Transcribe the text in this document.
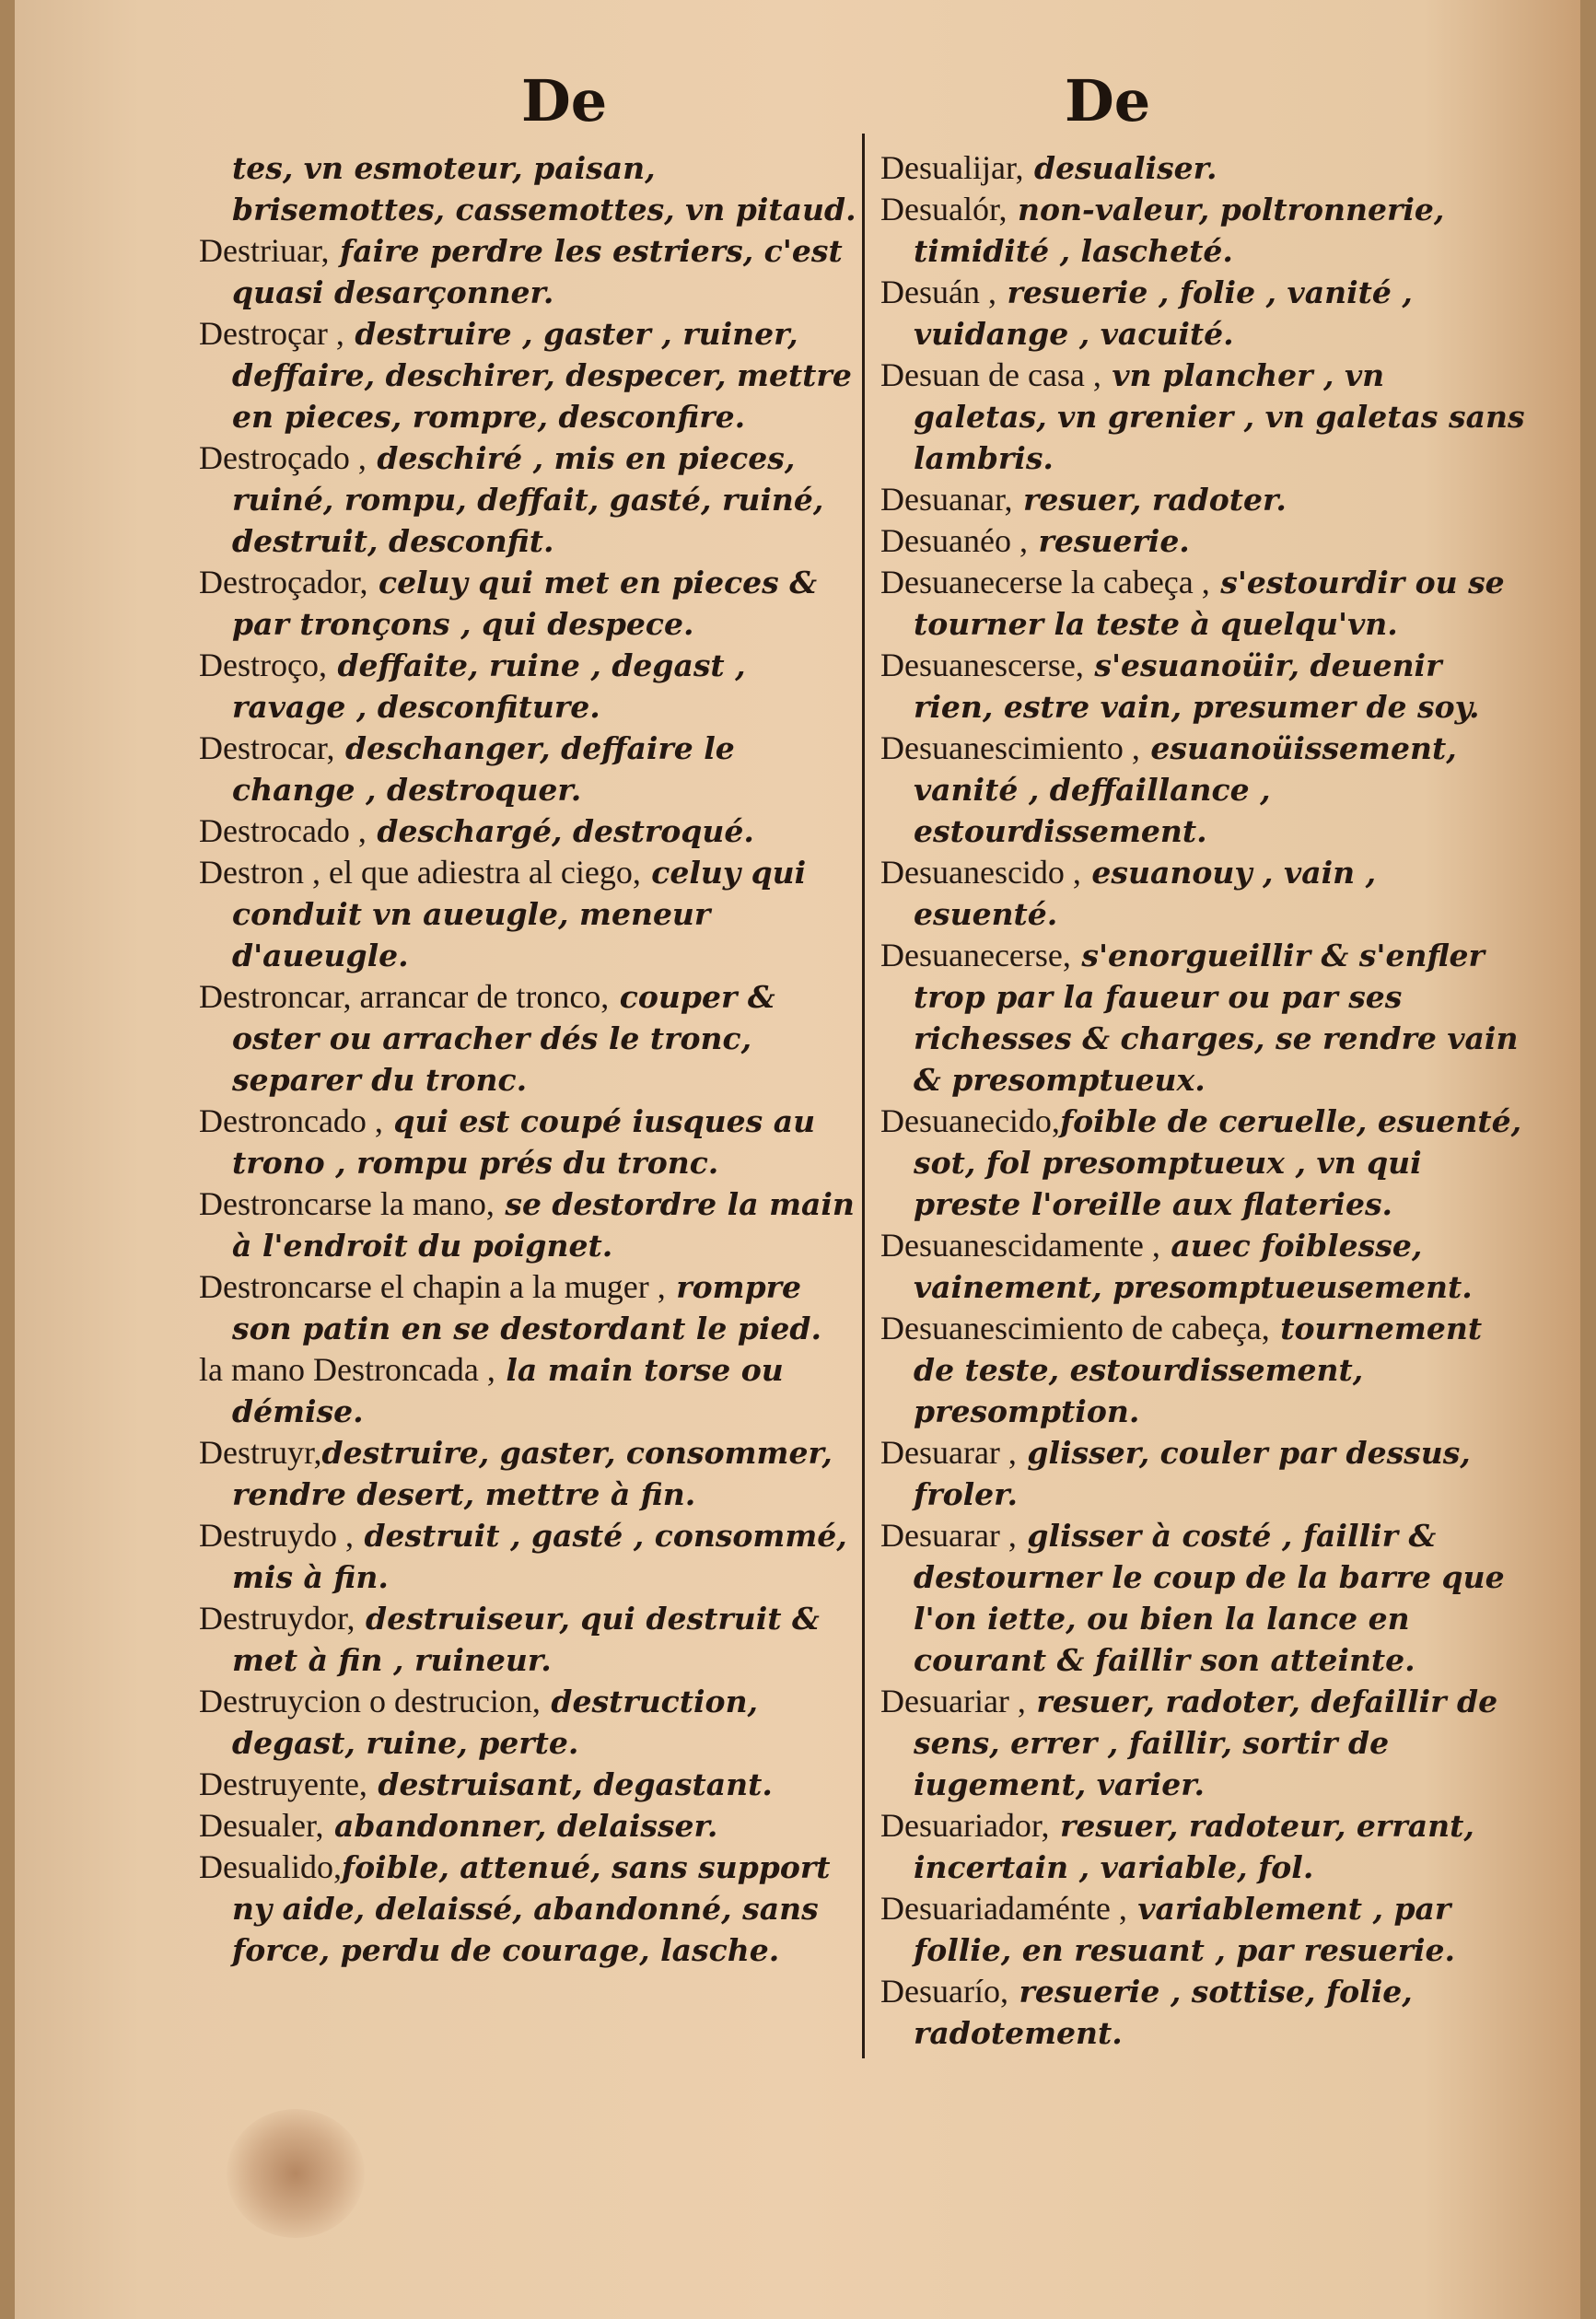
De
tes, vn esmoteur, paisan, brisemottes, cassemottes, vn pitaud.
Destriuar, faire perdre les estriers, c'est quasi desarçonner.
Destroçar , destruire , gaster , ruiner, deffaire, deschirer, despecer, mettre en pieces, rompre, desconfire.
Destroçado , deschiré , mis en pieces, ruiné, rompu, deffait, gasté, ruiné, destruit, desconfit.
Destroçador, celuy qui met en pieces & par tronçons , qui despece.
Destroço, deffaite, ruine , degast , ravage , desconfiture.
Destrocar, deschanger, deffaire le change , destroquer.
Destrocado , deschargé, destroqué.
Destron , el que adiestra al ciego, celuy qui conduit vn aueugle, meneur d'aueugle.
Destroncar, arrancar de tronco, couper & oster ou arracher dés le tronc, separer du tronc.
Destroncado , qui est coupé iusques au trono , rompu prés du tronc.
Destroncarse la mano, se destordre la main à l'endroit du poignet.
Destroncarse el chapin a la muger , rompre son patin en se destordant le pied.
la mano Destroncada , la main torse ou démise.
Destruyr,destruire, gaster, consommer, rendre desert, mettre à fin.
Destruydo , destruit , gasté , consommé, mis à fin.
Destruydor, destruiseur, qui destruit & met à fin , ruineur.
Destruycion o destrucion, destruction, degast, ruine, perte.
Destruyente, destruisant, degastant.
Desualer, abandonner, delaisser.
Desualido,foible, attenué, sans support ny aide, delaissé, abandonné, sans force, perdu de courage, lasche.
De
Desualijar, desualiser.
Desualór, non-valeur, poltronnerie, timidité , lascheté.
Desuán , resuerie , folie , vanité , vuidange , vacuité.
Desuan de casa , vn plancher , vn galetas, vn grenier , vn galetas sans lambris.
Desuanar, resuer, radoter.
Desuanéo , resuerie.
Desuanecerse la cabeça , s'estourdir ou se tourner la teste à quelqu'vn.
Desuanescerse, s'esuanoüir, deuenir rien, estre vain, presumer de soy.
Desuanescimiento , esuanoüissement, vanité , deffaillance , estourdissement.
Desuanescido , esuanouy , vain , esuenté.
Desuanecerse, s'enorgueillir & s'enfler trop par la faueur ou par ses richesses & charges, se rendre vain & presomptueux.
Desuanecido,foible de ceruelle, esuenté, sot, fol presomptueux , vn qui preste l'oreille aux flateries.
Desuanescidamente , auec foiblesse, vainement, presomptueusement.
Desuanescimiento de cabeça, tournement de teste, estourdissement, presomption.
Desuarar , glisser, couler par dessus, froler.
Desuarar , glisser à costé , faillir & destourner le coup de la barre que l'on iette, ou bien la lance en courant & faillir son atteinte.
Desuariar , resuer, radoter, defaillir de sens, errer , faillir, sortir de iugement, varier.
Desuariador, resuer, radoteur, errant, incertain , variable, fol.
Desuariadaménte , variablement , par follie, en resuant , par resuerie.
Desuarío, resuerie , sottise, folie, radotement.
